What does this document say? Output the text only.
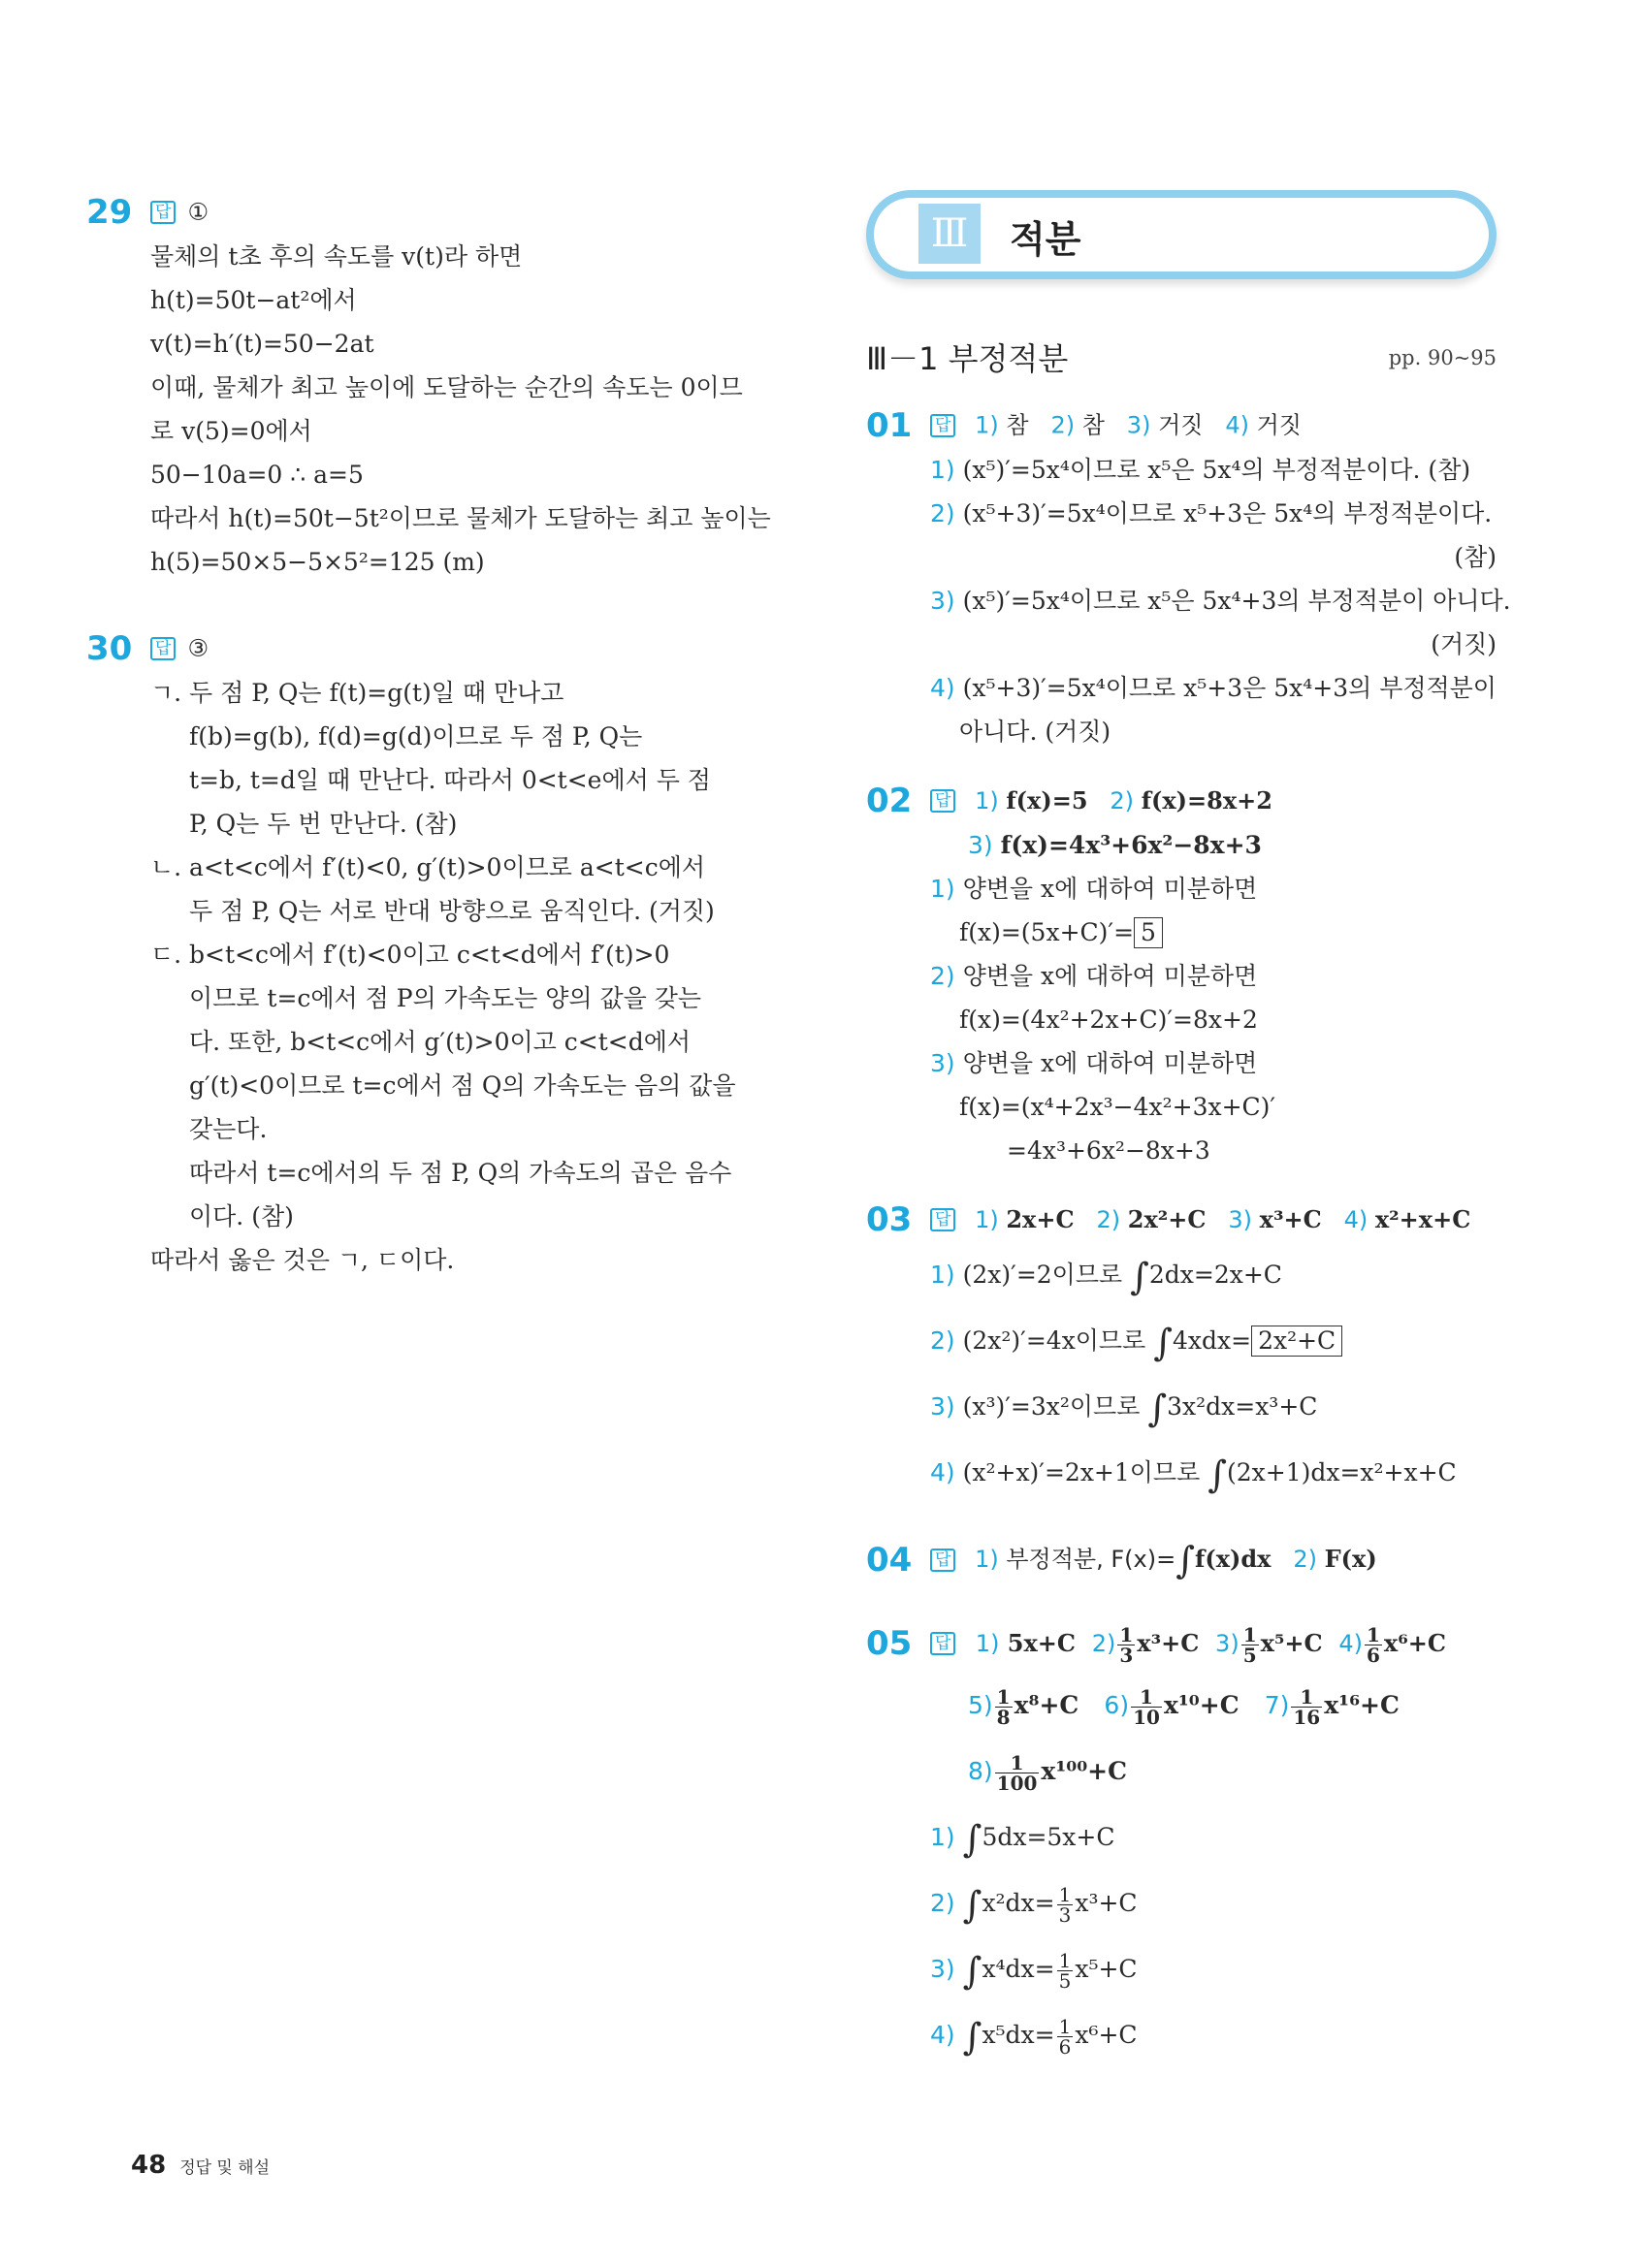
29 답 ①
물체의 t초 후의 속도를 v(t)라 하면
h(t)=50t−at²에서
v(t)=h′(t)=50−2at
이때, 물체가 최고 높이에 도달하는 순간의 속도는 0이므
로 v(5)=0에서
50−10a=0 ∴ a=5
따라서 h(t)=50t−5t²이므로 물체가 도달하는 최고 높이는
h(5)=50×5−5×5²=125 (m)
30 답 ③
ㄱ. 두 점 P, Q는 f(t)=g(t)일 때 만나고
f(b)=g(b), f(d)=g(d)이므로 두 점 P, Q는
t=b, t=d일 때 만난다. 따라서 0<t<e에서 두 점
P, Q는 두 번 만난다. (참)
ㄴ. a<t<c에서 f′(t)<0, g′(t)>0이므로 a<t<c에서
두 점 P, Q는 서로 반대 방향으로 움직인다. (거짓)
ㄷ. b<t<c에서 f′(t)<0이고 c<t<d에서 f′(t)>0
이므로 t=c에서 점 P의 가속도는 양의 값을 갖는
다. 또한, b<t<c에서 g′(t)>0이고 c<t<d에서
g′(t)<0이므로 t=c에서 점 Q의 가속도는 음의 값을
갖는다.
따라서 t=c에서의 두 점 P, Q의 가속도의 곱은 음수
이다. (참)
따라서 옳은 것은 ㄱ, ㄷ이다.
Ⅲ	적분
Ⅲ－1 부정적분	pp. 90~95
01 답 1) 참 2) 참 3) 거짓 4) 거짓
1) (x⁵)′=5x⁴이므로 x⁵은 5x⁴의 부정적분이다. (참)
2) (x⁵+3)′=5x⁴이므로 x⁵+3은 5x⁴의 부정적분이다.
(참)
3) (x⁵)′=5x⁴이므로 x⁵은 5x⁴+3의 부정적분이 아니다.
(거짓)
4) (x⁵+3)′=5x⁴이므로 x⁵+3은 5x⁴+3의 부정적분이
아니다. (거짓)
02 답 1) f(x)=5 2) f(x)=8x+2
3) f(x)=4x³+6x²−8x+3
1) 양변을 x에 대하여 미분하면
f(x)=(5x+C)′= 5
2) 양변을 x에 대하여 미분하면
f(x)=(4x²+2x+C)′=8x+2
3) 양변을 x에 대하여 미분하면
f(x)=(x⁴+2x³−4x²+3x+C)′
=4x³+6x²−8x+3
03 답 1) 2x+C 2) 2x²+C 3) x³+C 4) x²+x+C
1) (2x)′=2이므로 ∫2dx=2x+C
2) (2x²)′=4x이므로 ∫4xdx= 2x²+C
3) (x³)′=3x²이므로 ∫3x²dx=x³+C
4) (x²+x)′=2x+1이므로 ∫(2x+1)dx=x²+x+C
04 답 1) 부정적분, F(x)=∫f(x)dx 2) F(x)
05 답 1) 5x+C $2) \frac{1}{3} x^3+C$ $3) \frac{1}{5} x^5+C$ $4) \frac{1}{6} x^6+C$
$5) \frac{1}{8} x^8+C$ $6) \frac{1}{10} x^{10}+C$ $7) \frac{1}{16} x^{16}+C$
$8) \frac{1}{100} x^{100}+C$
1) ∫5dx=5x+C
2) $\int x^2dx= \frac{1}{3} x^3+C$
3) $\int x^4dx= \frac{1}{5} x^5+C$
4) $\int x^5dx= \frac{1}{6} x^6+C$
48 정답 및 해설
